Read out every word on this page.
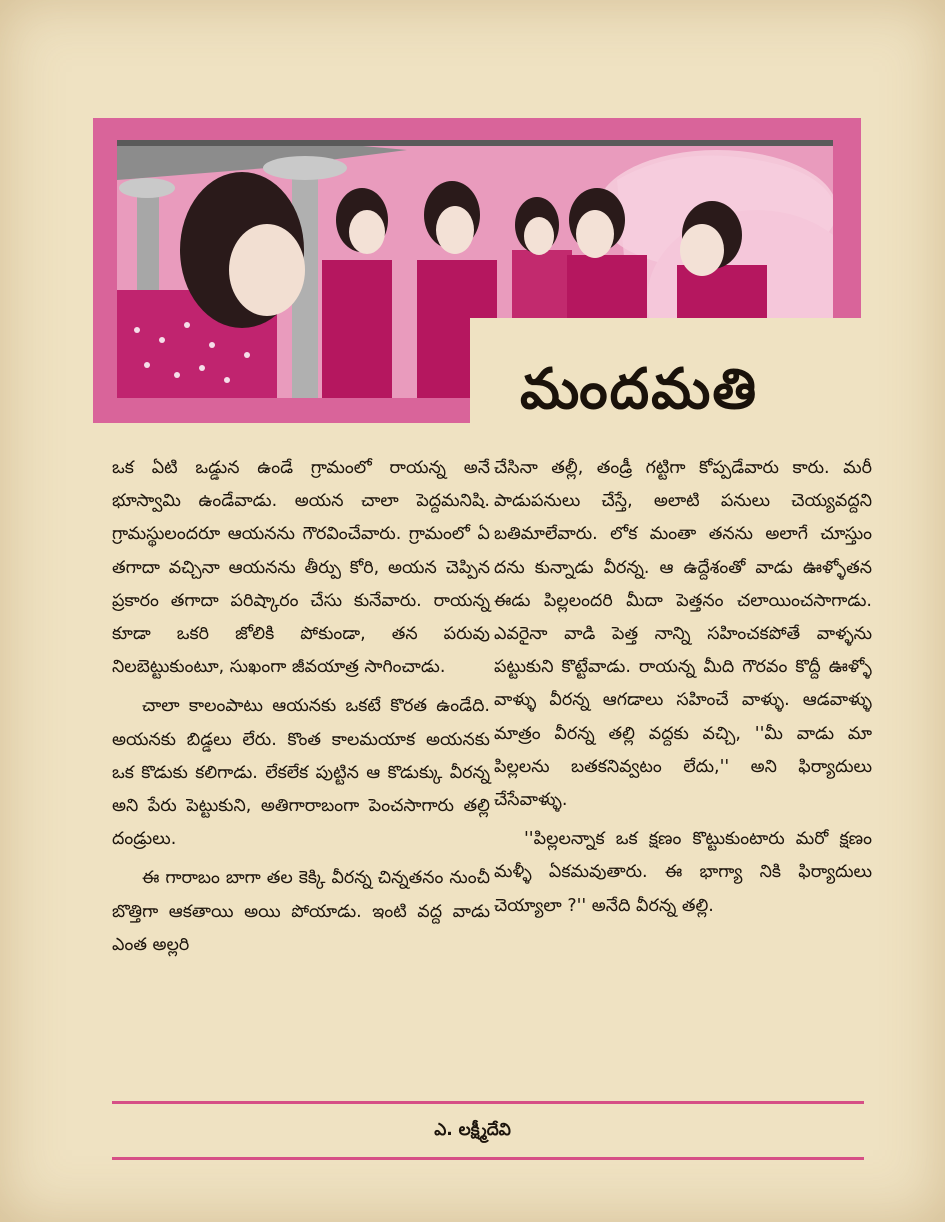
మందమతి

ఒక ఏటి ఒడ్డున ఉండే గ్రామంలో రాయన్న అనే భూస్వామి ఉండేవాడు. అయన చాలా పెద్దమనిషి. గ్రామస్థులందరూ ఆయనను గౌరవించేవారు. గ్రామంలో ఏ తగాదా వచ్చినా ఆయనను తీర్పు కోరి, అయన చెప్పిన ప్రకారం తగాదా పరిష్కారం చేసు కునేవారు. రాయన్న కూడా ఒకరి జోలికి పోకుండా, తన పరువు నిలబెట్టుకుంటూ, సుఖంగా జీవయాత్ర సాగించాడు.

చాలా కాలంపాటు ఆయనకు ఒకటే కొరత ఉండేది. అయనకు బిడ్డలు లేరు. కొంత కాలమయాక అయనకు ఒక కొడుకు కలిగాడు. లేకలేక పుట్టిన ఆ కొడుక్కు వీరన్న అని పేరు పెట్టుకుని, అతిగారాబంగా పెంచసాగారు తల్లి దండ్రులు.

ఈ గారాబం బాగా తల కెక్కి వీరన్న చిన్నతనం నుంచీ బొత్తిగా ఆకతాయి అయి పోయాడు. ఇంటి వద్ద వాడు ఎంత అల్లరి

చేసినా తల్లీ, తండ్రీ గట్టిగా కోప్పడేవారు కారు. మరీ పాడుపనులు చేస్తే, అలాటి పనులు చెయ్యవద్దని బతిమాలేవారు. లోక మంతా తనను అలాగే చూస్తుం దను కున్నాడు వీరన్న. ఆ ఉద్దేశంతో వాడు ఊళ్ళోతన ఈడు పిల్లలందరి మీదా పెత్తనం చలాయించసాగాడు. ఎవరైనా వాడి పెత్త నాన్ని సహించకపోతే వాళ్ళను పట్టుకుని కొట్టేవాడు. రాయన్న మీది గౌరవం కొద్దీ ఊళ్ళో వాళ్ళు వీరన్న ఆగడాలు సహించే వాళ్ళు. ఆడవాళ్ళు మాత్రం వీరన్న తల్లి వద్దకు వచ్చి, ''మీ వాడు మా పిల్లలను బతకనివ్వటం లేదు,'' అని ఫిర్యాదులు చేసేవాళ్ళు.

''పిల్లలన్నాక ఒక క్షణం కొట్టుకుంటారు మరో క్షణం మళ్ళీ ఏకమవుతారు. ఈ భాగ్యా నికి ఫిర్యాదులు చెయ్యాలా ?'' అనేది వీరన్న తల్లి.

ఎ. లక్ష్మీదేవి
